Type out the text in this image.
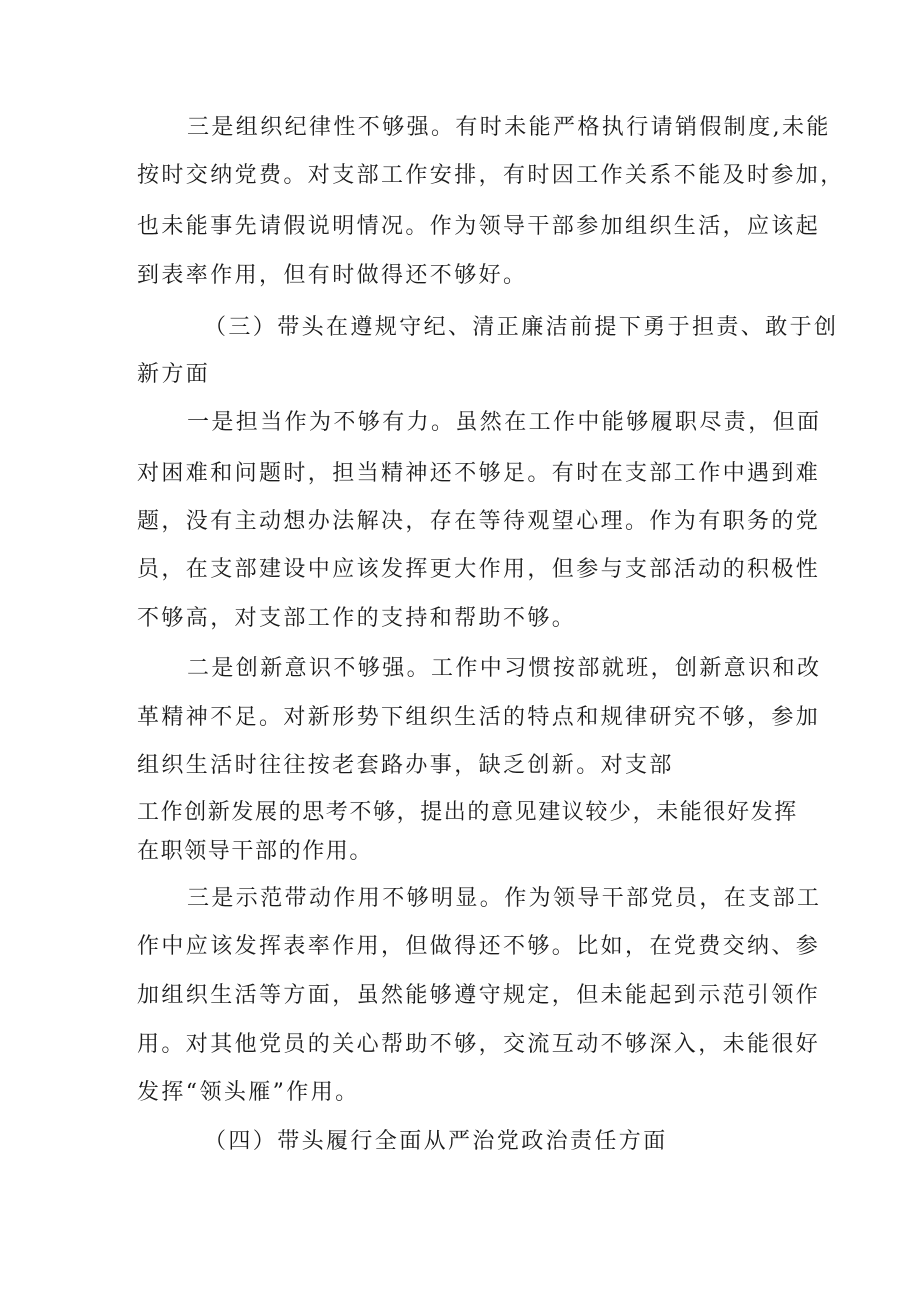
三是组织纪律性不够强。有时未能严格执行请销假制度,未能
按时交纳党费。对支部工作安排，有时因工作关系不能及时参加，
也未能事先请假说明情况。作为领导干部参加组织生活，应该起
到表率作用，但有时做得还不够好。
（三）带头在遵规守纪、清正廉洁前提下勇于担责、敢于创
新方面
一是担当作为不够有力。虽然在工作中能够履职尽责，但面
对困难和问题时，担当精神还不够足。有时在支部工作中遇到难
题，没有主动想办法解决，存在等待观望心理。作为有职务的党
员，在支部建设中应该发挥更大作用，但参与支部活动的积极性
不够高，对支部工作的支持和帮助不够。
二是创新意识不够强。工作中习惯按部就班，创新意识和改
革精神不足。对新形势下组织生活的特点和规律研究不够，参加
组织生活时往往按老套路办事，缺乏创新。对支部
工作创新发展的思考不够，提出的意见建议较少，未能很好发挥
在职领导干部的作用。
三是示范带动作用不够明显。作为领导干部党员，在支部工
作中应该发挥表率作用，但做得还不够。比如，在党费交纳、参
加组织生活等方面，虽然能够遵守规定，但未能起到示范引领作
用。对其他党员的关心帮助不够，交流互动不够深入，未能很好
发挥“领头雁”作用。
（四）带头履行全面从严治党政治责任方面
